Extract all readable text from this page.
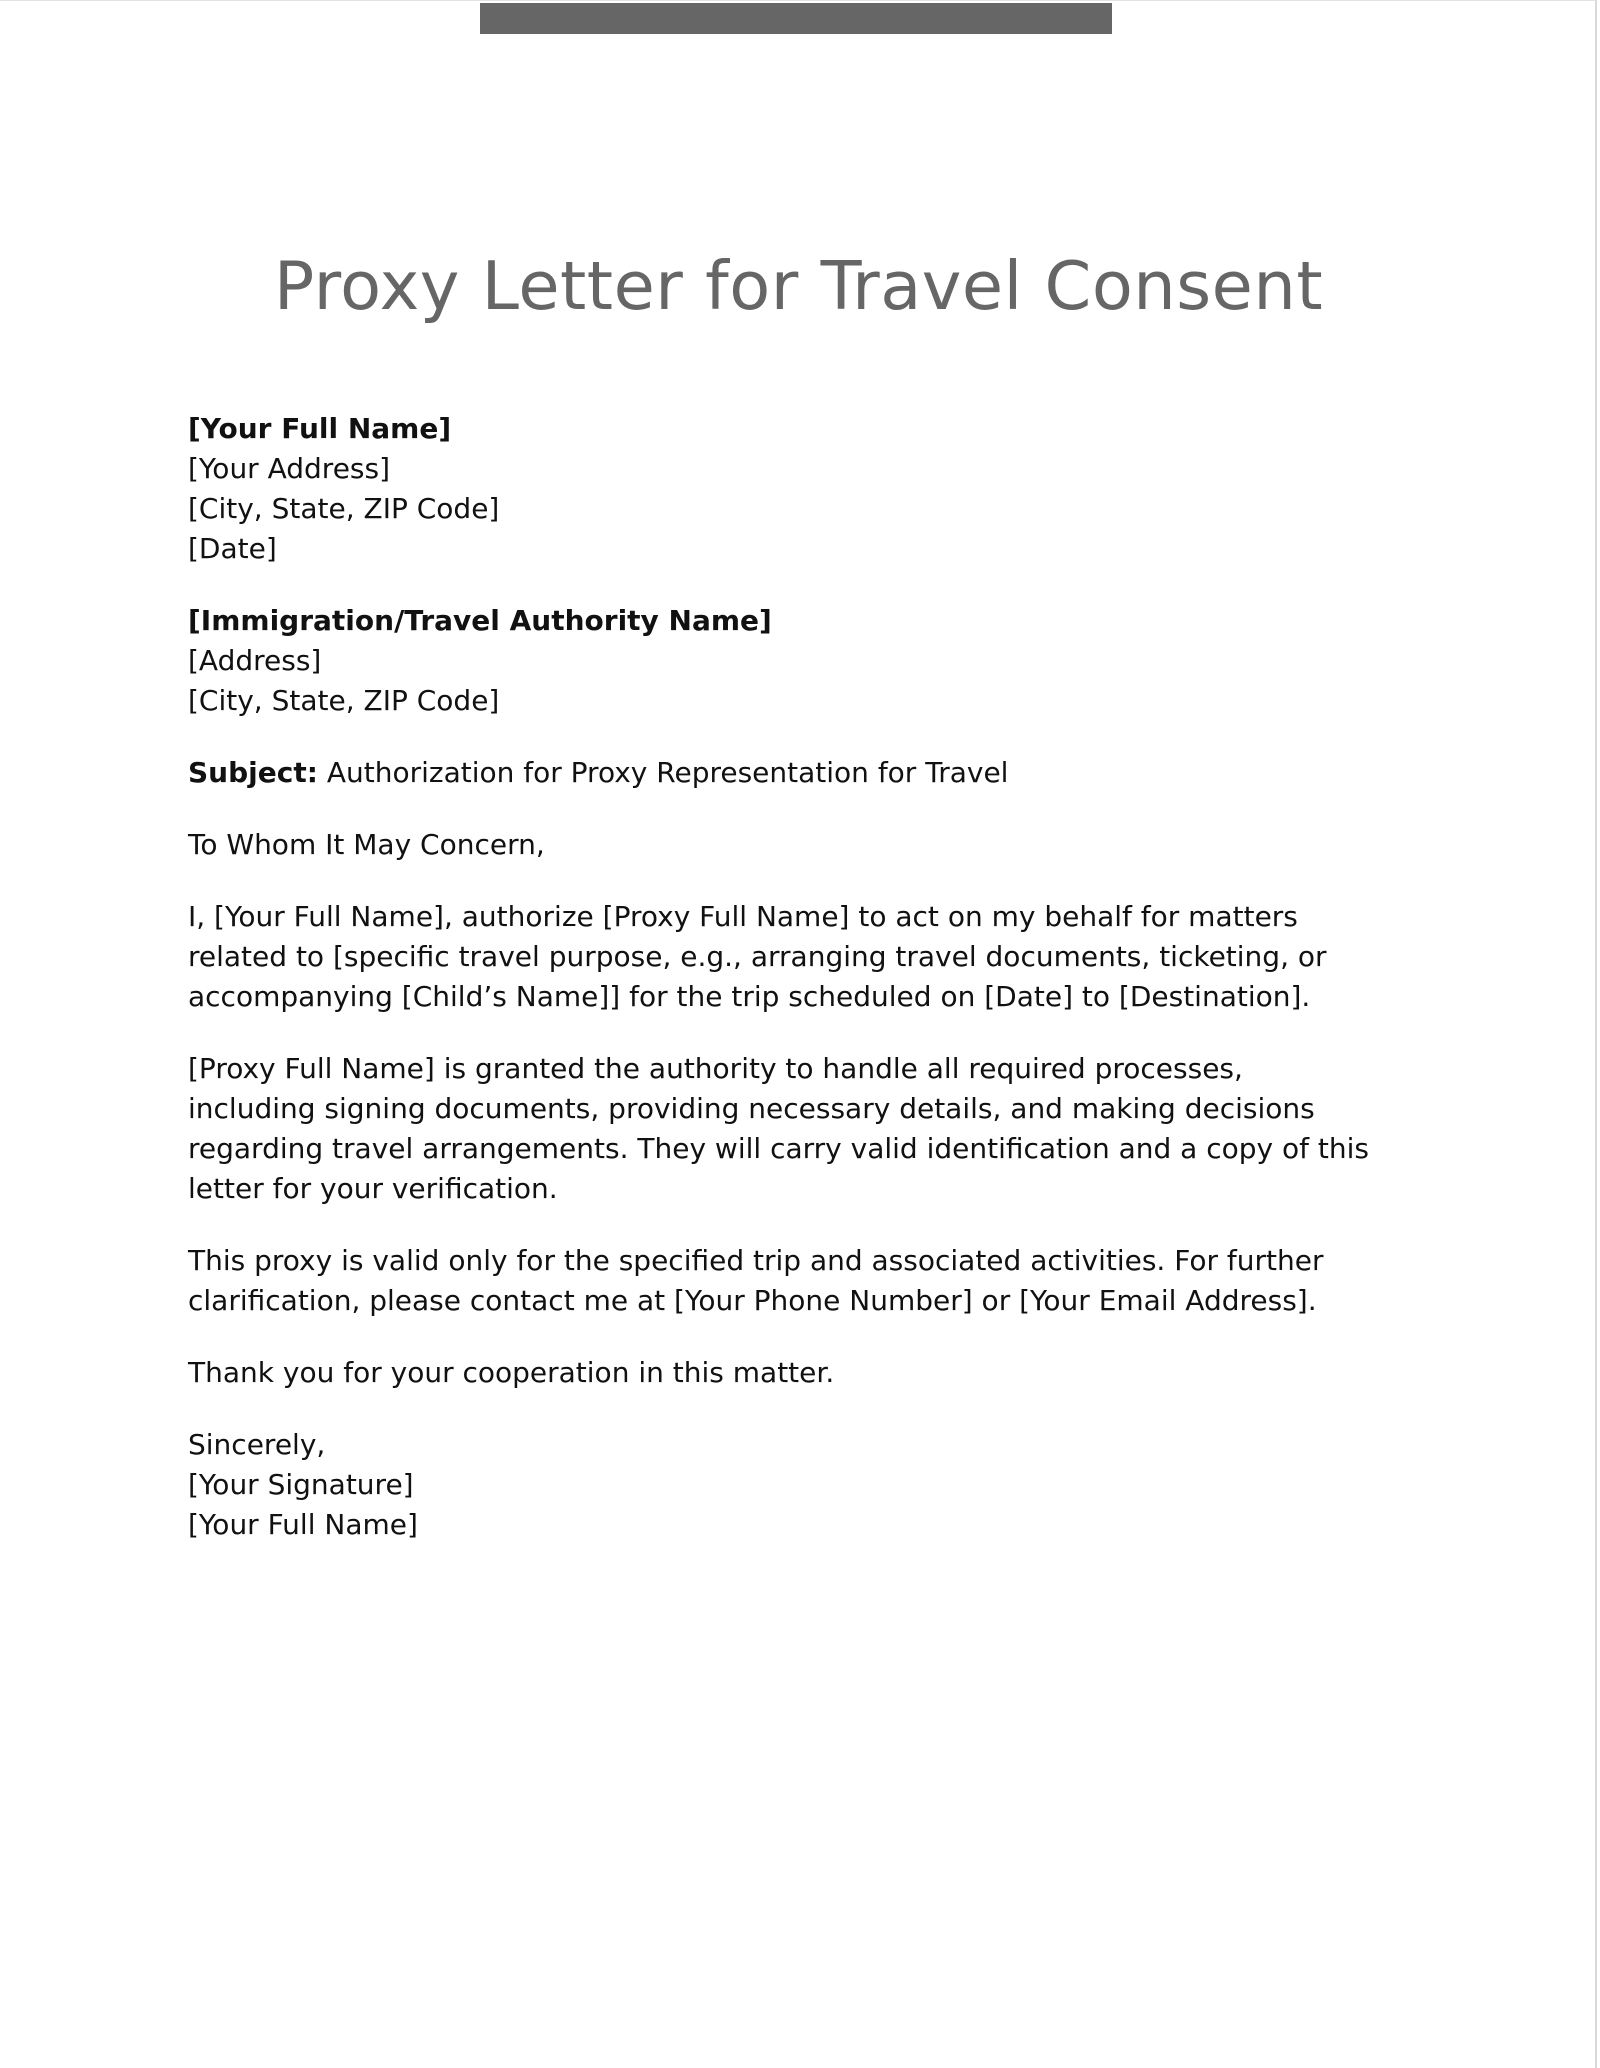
Proxy Letter for Travel Consent
[Your Full Name]
[Your Address]
[City, State, ZIP Code]
[Date]
[Immigration/Travel Authority Name]
[Address]
[City, State, ZIP Code]
Subject: Authorization for Proxy Representation for Travel
To Whom It May Concern,

I, [Your Full Name], authorize [Proxy Full Name] to act on my behalf for matters
related to [specific travel purpose, e.g., arranging travel documents, ticketing, or
accompanying [Child’s Name]] for the trip scheduled on [Date] to [Destination].

[Proxy Full Name] is granted the authority to handle all required processes,
including signing documents, providing necessary details, and making decisions
regarding travel arrangements. They will carry valid identification and a copy of this
letter for your verification.

This proxy is valid only for the specified trip and associated activities. For further
clarification, please contact me at [Your Phone Number] or [Your Email Address].

Thank you for your cooperation in this matter.

Sincerely,
[Your Signature]
[Your Full Name]
